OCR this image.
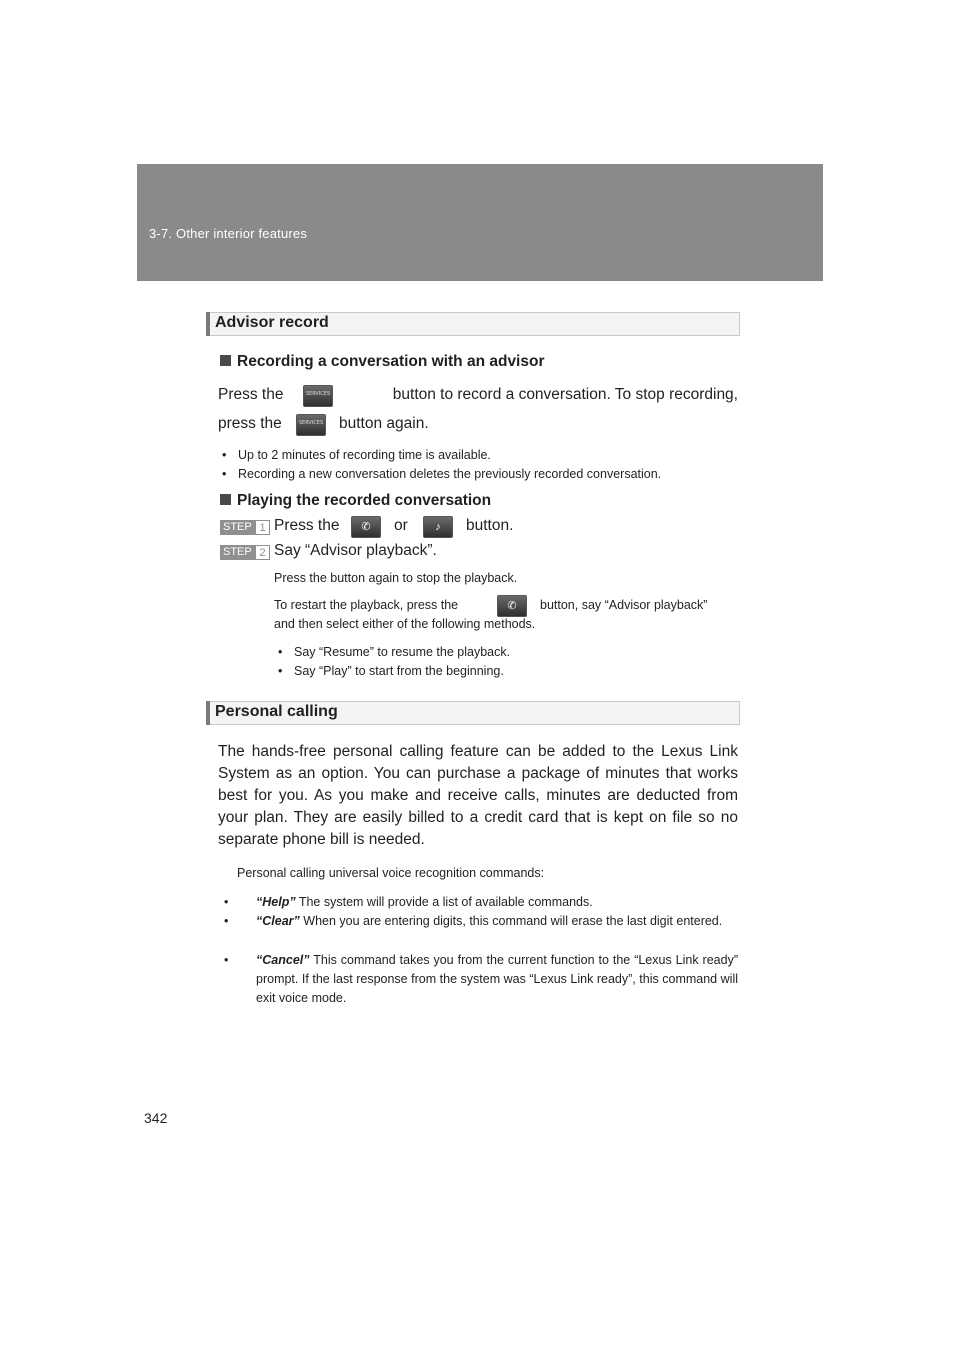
3-7. Other interior features
Advisor record
Recording a conversation with an advisor
Press the	SERVICES	button to record a conversation. To stop recording,
press the	SERVICES button again.
• Up to 2 minutes of recording time is available.
• Recording a new conversation deletes the previously recorded conversation.
Playing the recorded conversation
STEP 1 Press the	✆	or	♪	button.
STEP 2 Say “Advisor playback”.
Press the button again to stop the playback.
To restart the playback, press the	✆	button, say “Advisor playback”
and then select either of the following methods.
• Say “Resume” to resume the playback.
• Say “Play” to start from the beginning.
Personal calling
The hands-free personal calling feature can be added to the Lexus Link System as an option. You can purchase a package of minutes that works best for you. As you make and receive calls, minutes are deducted from your plan. They are easily billed to a credit card that is kept on file so no separate phone bill is needed.
Personal calling universal voice recognition commands:
• “Help” The system will provide a list of available commands.
• “Clear” When you are entering digits, this command will erase the last digit entered.
• “Cancel” This command takes you from the current function to the “Lexus Link ready” prompt. If the last response from the system was “Lexus Link ready”, this command will exit voice mode.
342
